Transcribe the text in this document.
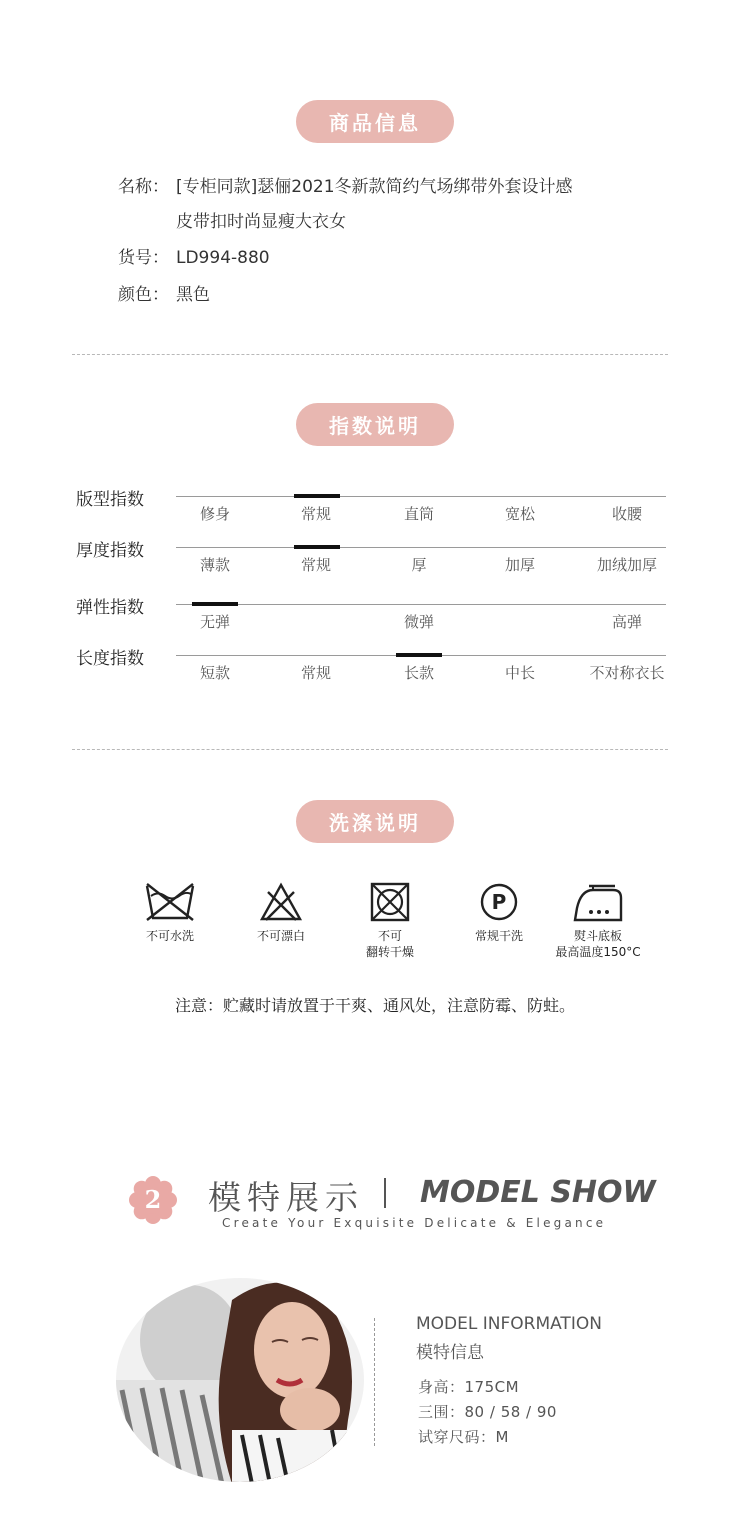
商品信息
名称： [专柜同款]瑟俪2021冬新款简约气场绑带外套设计感
皮带扣时尚显瘦大衣女
货号： LD994-880
颜色： 黑色
指数说明
版型指数
修身	常规	直筒	宽松	收腰
厚度指数
薄款	常规	厚	加厚	加绒加厚
弹性指数
无弹	微弹	高弹
长度指数
短款	常规	长款	中长	不对称衣长
洗涤说明
不可水洗	不可漂白	不可
翻转干燥
P
常规干洗	熨斗底板
最高温度150°C
注意：贮藏时请放置于干爽、通风处，注意防霉、防蛀。
2	模特展示 MODEL SHOW
Create Your Exquisite Delicate & Elegance
MODEL INFORMATION
模特信息
身高：175CM
三围：80 / 58 / 90
试穿尺码：M
